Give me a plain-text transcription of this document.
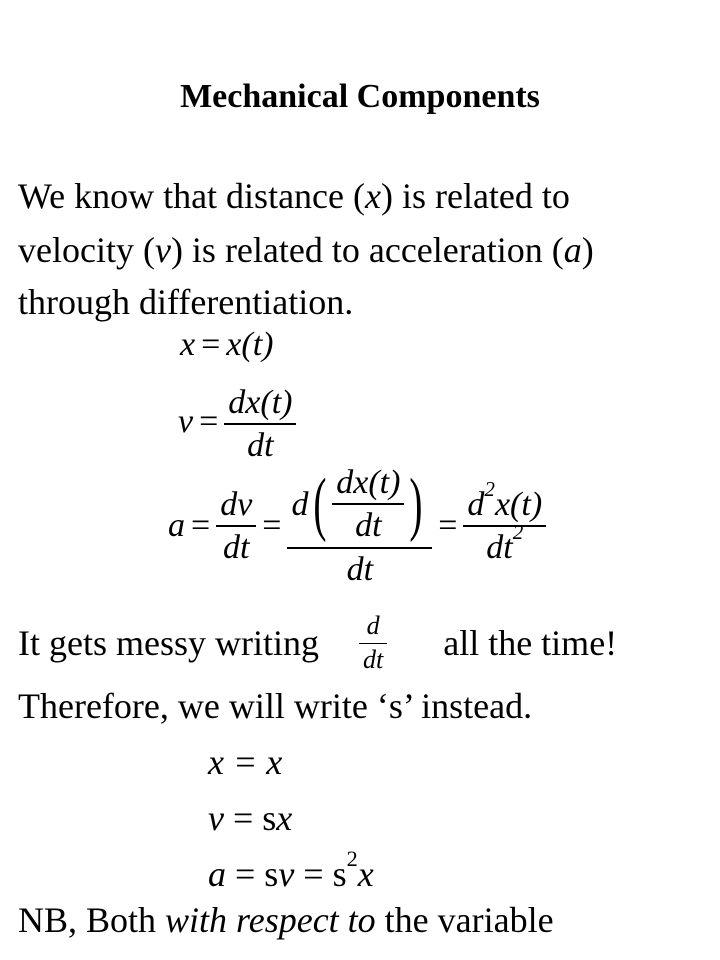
Mechanical Components
We know that distance (x) is related to
velocity (v) is related to acceleration (a)
through differentiation.
x = x(t)
$v = \frac{dx(t)}{dt}$
$a = \frac{dv}{dt}$ =
d ( $\frac{dx(t)}{dt}$ )
dt
= $\frac{d^2x(t)}{dt^2}$
It gets messy writing $\frac{d}{dt}$ all the time!
Therefore, we will write ‘s’ instead.
x = x
v = sx
a = sv = $s^2x$
NB, Both with respect to the variable
